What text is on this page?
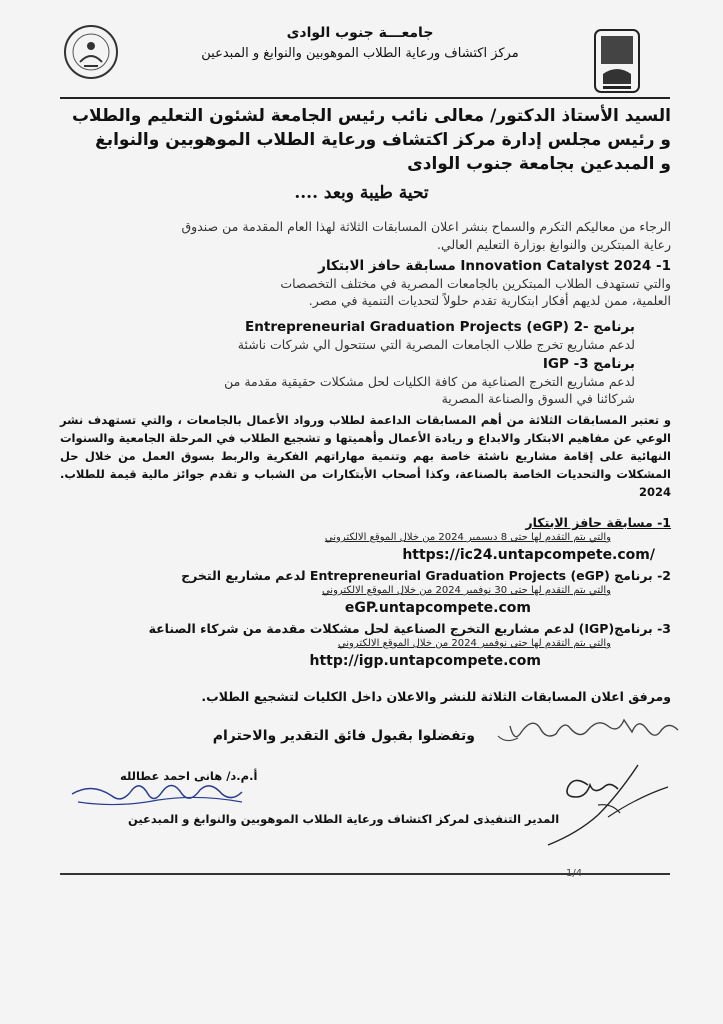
جامعـــة جنوب الوادى
مركز اكتشاف ورعاية الطلاب الموهوبين والنوابغ و المبدعين
السيد الأستاذ الدكتور/ معالى نائب رئيس الجامعة لشئون التعليم والطلاب
و رئيس مجلس إدارة مركز اكتشاف ورعاية الطلاب الموهوبين والنوابغ
و المبدعين بجامعة جنوب الوادى
تحية طيبة وبعد ....
الرجاء من معاليكم التكرم والسماح بنشر اعلان المسابقات الثلاثة لهذا العام المقدمة من صندوق
رعاية المبتكرين والنوابغ بوزارة التعليم العالي.
1- Innovation Catalyst 2024 مسابقة حافز الابتكار
والتي تستهدف الطلاب المبتكرين بالجامعات المصرية في مختلف التخصصات
العلمية، ممن لديهم أفكار ابتكارية تقدم حلولاً لتحديات التنمية في مصر.
برنامج -2 Entrepreneurial Graduation Projects (eGP)
لدعم مشاريع تخرج طلاب الجامعات المصرية التي ستتحول الي شركات ناشئة
برنامج IGP -3
لدعم مشاريع التخرج الصناعية من كافة الكليات لحل مشكلات حقيقية مقدمة من
شركائنا في السوق والصناعة المصرية
و تعتبر المسابقات الثلاثة من أهم المسابقات الداعمة لطلاب ورواد الأعمال بالجامعات ، والتي تستهدف نشر الوعي عن مفاهيم الابتكار والابداع و ريادة الأعمال وأهميتها و تشجيع الطلاب في المرحلة الجامعية والسنوات النهائية على إقامة مشاريع ناشئة خاصة بهم وتنمية مهاراتهم الفكرية والربط بسوق العمل من خلال حل المشكلات والتحديات الخاصة بالصناعة، وكذا أصحاب الأبتكارات من الشباب و تقدم جوائز مالية قيمة للطلاب. 2024
1- مسابقة حافز الابتكار
والتي يتم التقدم لها حتى 8 ديسمبر 2024 من خلال الموقع الالكتروني
https://ic24.untapcompete.com/
2- برنامج (Entrepreneurial Graduation Projects (eGP لدعم مشاريع التخرج
والتي يتم التقدم لها حتى 30 نوفمبر 2024 من خلال الموقع الالكتروني
eGP.untapcompete.com
3- برنامج(IGP) لدعم مشاريع التخرج الصناعية لحل مشكلات مقدمة من شركاء الصناعة
والتي يتم التقدم لها حتى نوفمبر 2024 من خلال الموقع الالكتروني
http://igp.untapcompete.com
ومرفق اعلان المسابقات الثلاثة للنشر والاعلان داخل الكليات لتشجيع الطلاب.
وتفضلوا بقبول فائق التقدير والاحترام
أ.م.د/ هانى احمد عطالله
المدير التنفيذى لمركز اكتشاف ورعاية الطلاب الموهوبين والنوابغ و المبدعين
1/4
